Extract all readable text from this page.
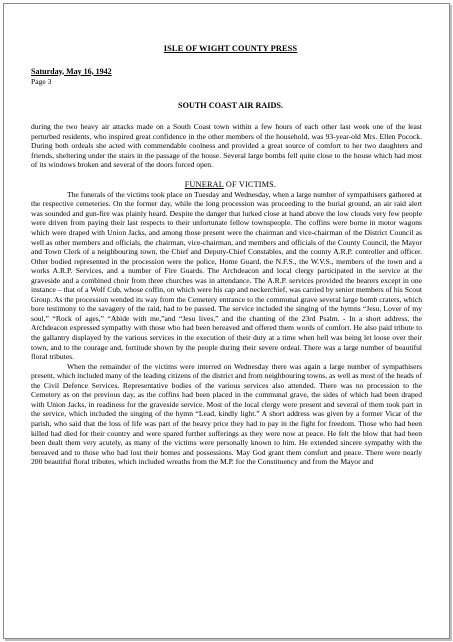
ISLE OF WIGHT COUNTY PRESS

Saturday, May 16, 1942

Page 3

SOUTH COAST AIR RAIDS.

during the two heavy air attacks made on a South Coast town within a few hours of each other last week one of the least perturbed residents, who inspired great confidence in the other members of the household, was 93-year-old Mrs. Ellen Pocock. During both ordeals she acted with commendable coolness and provided a great source of comfort to her two daughters and friends, sheltering under the stairs in the passage of the house. Several large bombs fell quite close to the house which had most of its windows broken and several of the doors forced open.

FUNERAL OF VICTIMS.

The funerals of the victims took place on Tuesday and Wednesday, when a large number of sympathisers gathered at the respective cemeteries. On the former day, while the long procession was proceeding to the burial ground, an air raid alert was sounded and gun-fire was plainly heard. Despite the danger that lurked close at hand above the low clouds very few people were driven from paying their last respects to their unfortunate fellow townspeople. The coffins were borne in motor wagons which were draped with Union Jacks, and among those present were the chairman and vice-chairman of the District Council as well as other members and officials, the chairman, vice-chairman, and members and officials of the County Council, the Mayor and Town Clerk of a neighbouring town, the Chief and Deputy-Chief Constables, and the county A.R.P. controller and officer. Other bodied represented in the procession were the police, Home Guard, the N.F.S., the W.V.S., members of the town and a works A.R.P. Services, and a number of Fire Guards. The Archdeacon and local clergy participated in the service at the graveside and a combined choir from three churches was in attendance. The A.R.P. services provided the bearers except in one instance – that of a Wolf Cub, whose coffin, on which were his cap and neckerchief, was carried by senior members of his Scout Group. As the procession wended its way from the Cemetery entrance to the communal grave several large bomb craters, which bore testimony to the savagery of the raid, had to be passed. The service included the singing of the hymns “Jesu, Lover of my soul,” “Rock of ages,” “Abide with me,”and “Jesu lives,” and the chanting of the 23rd Psalm. - In a short address, the Archdeacon expressed sympathy with those who had been bereaved and offered them words of comfort. He also paid tribute to the gallantry displayed by the various services in the execution of their duty at a time when hell was being let loose over their town, and to the courage and, fortitude shown by the people during their severe ordeal. There was a large number of beautiful floral tributes.

When the remainder of the victims were interred on Wednesday there was again a large number of sympathisers present, which included many of the leading citizens of the district and from neighbouring towns, as well as most of the heads of the Civil Defence Services. Representative bodies of the various services also attended. There was no procession to the Cemetery as on the previous day, as the coffins had been placed in the communal grave, the sides of which had been draped with Union Jacks, in readiness for the graveside service. Most of the local clergy were present and several of them took part in the service, which included the singing of the hymn “Lead, kindly light.” A short address was given by a former Vicar of the parish, who said that the loss of life was part of the heavy price they had to pay in the fight for freedom. Those who had been killed had died for their country and were spared further sufferings as they were now at peace. He felt the blow that had been been dealt them very acutely, as many of the victims were personally known to him. He extended sincere sympathy with the bereaved and to those who had lost their homes and possessions. May God grant them comfort and peace. There were nearly 200 beautiful floral tributes, which included wreaths from the M.P. for the Constituency and from the Mayor and
